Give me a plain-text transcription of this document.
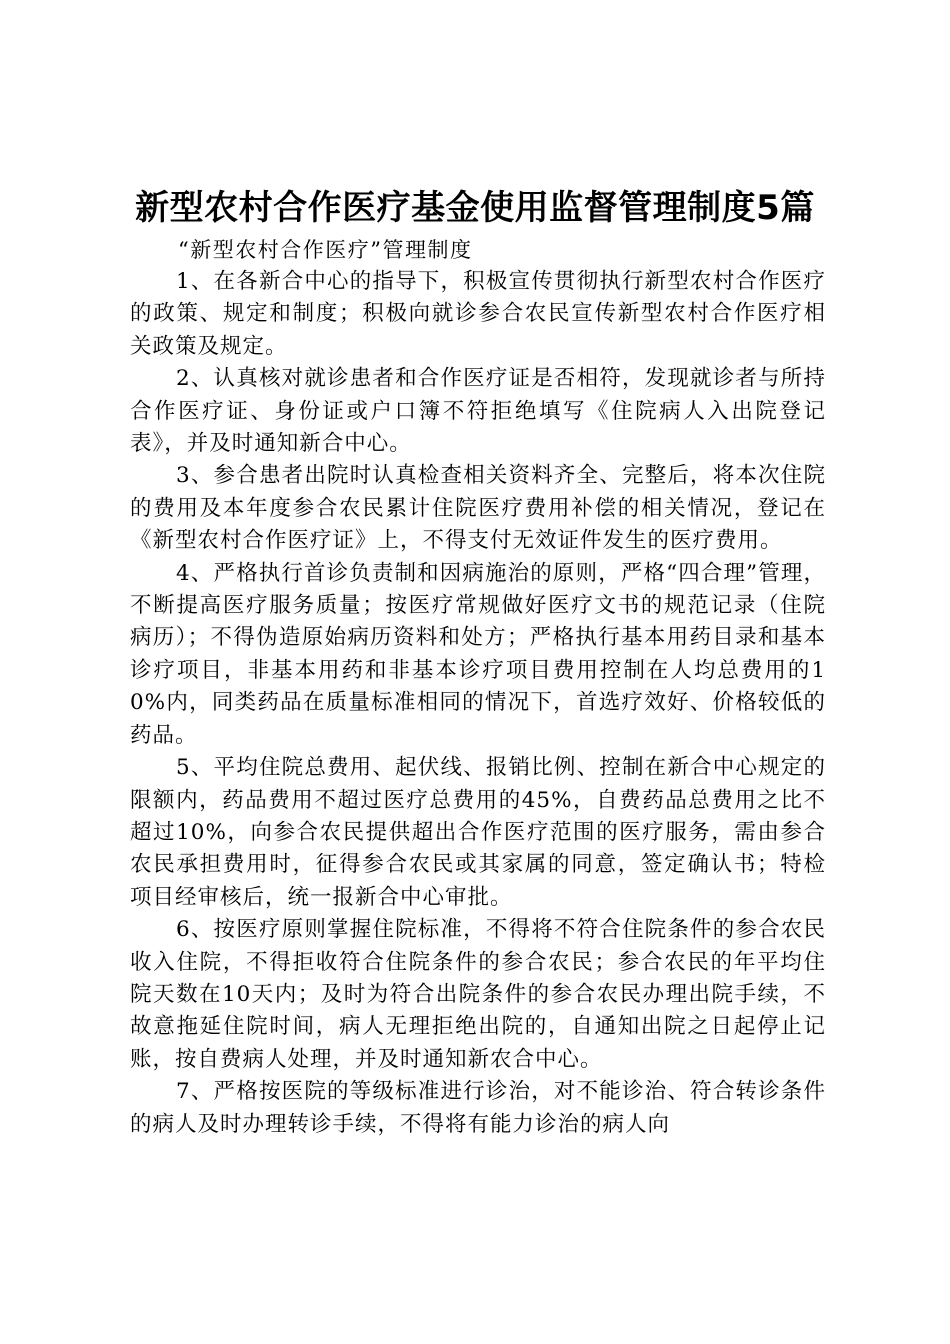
新型农村合作医疗基金使用监督管理制度5篇

“新型农村合作医疗”管理制度

1、在各新合中心的指导下，积极宣传贯彻执行新型农村合作医疗的政策、规定和制度；积极向就诊参合农民宣传新型农村合作医疗相关政策及规定。

2、认真核对就诊患者和合作医疗证是否相符，发现就诊者与所持合作医疗证、身份证或户口簿不符拒绝填写《住院病人入出院登记表》，并及时通知新合中心。

3、参合患者出院时认真检查相关资料齐全、完整后，将本次住院的费用及本年度参合农民累计住院医疗费用补偿的相关情况，登记在《新型农村合作医疗证》上，不得支付无效证件发生的医疗费用。

4、严格执行首诊负责制和因病施治的原则，严格“四合理”管理，不断提高医疗服务质量；按医疗常规做好医疗文书的规范记录（住院病历）；不得伪造原始病历资料和处方；严格执行基本用药目录和基本诊疗项目，非基本用药和非基本诊疗项目费用控制在人均总费用的10%内，同类药品在质量标准相同的情况下，首选疗效好、价格较低的药品。

5、平均住院总费用、起伏线、报销比例、控制在新合中心规定的限额内，药品费用不超过医疗总费用的45%，自费药品总费用之比不超过10%，向参合农民提供超出合作医疗范围的医疗服务，需由参合农民承担费用时，征得参合农民或其家属的同意，签定确认书；特检项目经审核后，统一报新合中心审批。

6、按医疗原则掌握住院标准，不得将不符合住院条件的参合农民收入住院，不得拒收符合住院条件的参合农民；参合农民的年平均住院天数在10天内；及时为符合出院条件的参合农民办理出院手续，不故意拖延住院时间，病人无理拒绝出院的，自通知出院之日起停止记账，按自费病人处理，并及时通知新农合中心。

7、严格按医院的等级标准进行诊治，对不能诊治、符合转诊条件的病人及时办理转诊手续，不得将有能力诊治的病人向
